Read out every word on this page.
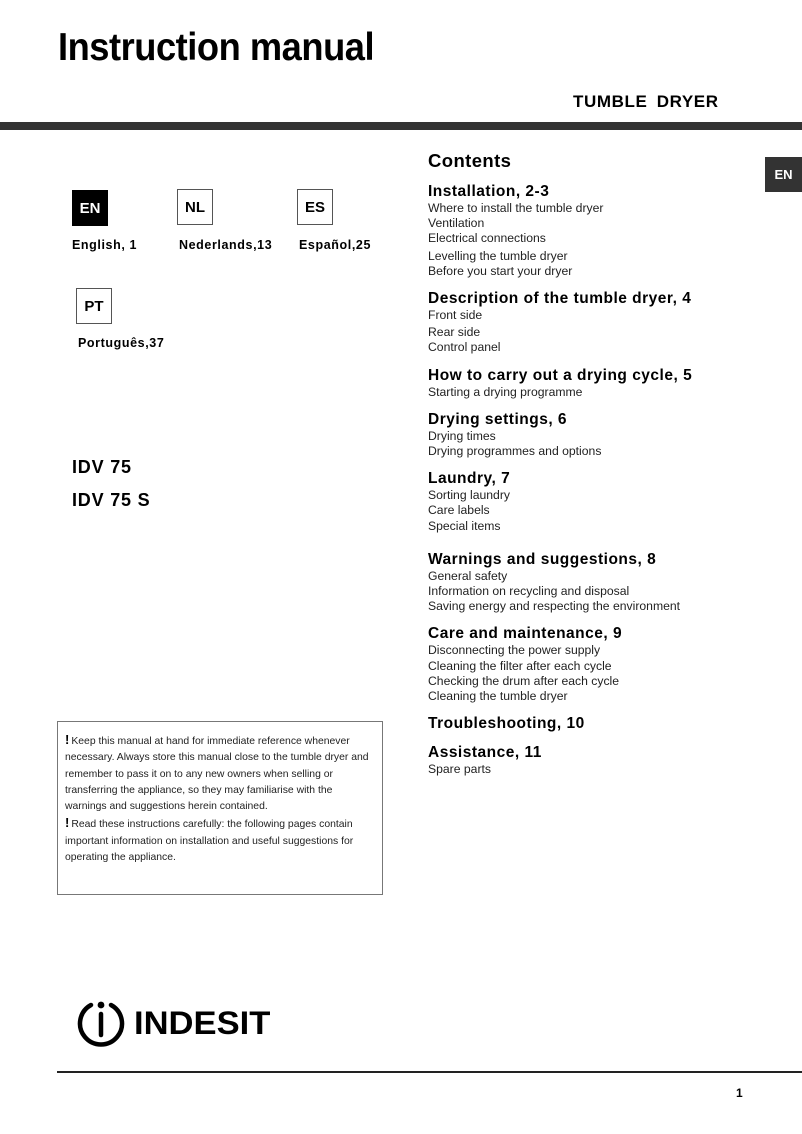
Instruction manual
TUMBLE DRYER
EN
EN
English, 1
NL
Nederlands,13
ES
Español,25
PT
Português,37
IDV 75
IDV 75 S
Contents
Installation, 2-3
Where to install the tumble dryer
Ventilation
Electrical connections
Levelling the tumble dryer
Before you start your dryer
Description of the tumble dryer, 4
Front side
Rear side
Control panel
How to carry out a drying cycle, 5
Starting a drying programme
Drying settings, 6
Drying times
Drying programmes and options
Laundry, 7
Sorting laundry
Care labels
Special items
Warnings and suggestions, 8
General safety
Information on recycling and disposal
Saving energy and respecting the environment
Care and maintenance, 9
Disconnecting the power supply
Cleaning the filter after each cycle
Checking the drum after each cycle
Cleaning the tumble dryer
Troubleshooting, 10
Assistance, 11
Spare parts
! Keep this manual at hand for immediate reference whenever necessary. Always store this manual close to the tumble dryer and remember to pass it on to any new owners when selling or transferring the appliance, so they may familiarise with the warnings and suggestions herein contained.
! Read these instructions carefully: the following pages contain important information on installation and useful suggestions for operating the appliance.
INDESIT
1
